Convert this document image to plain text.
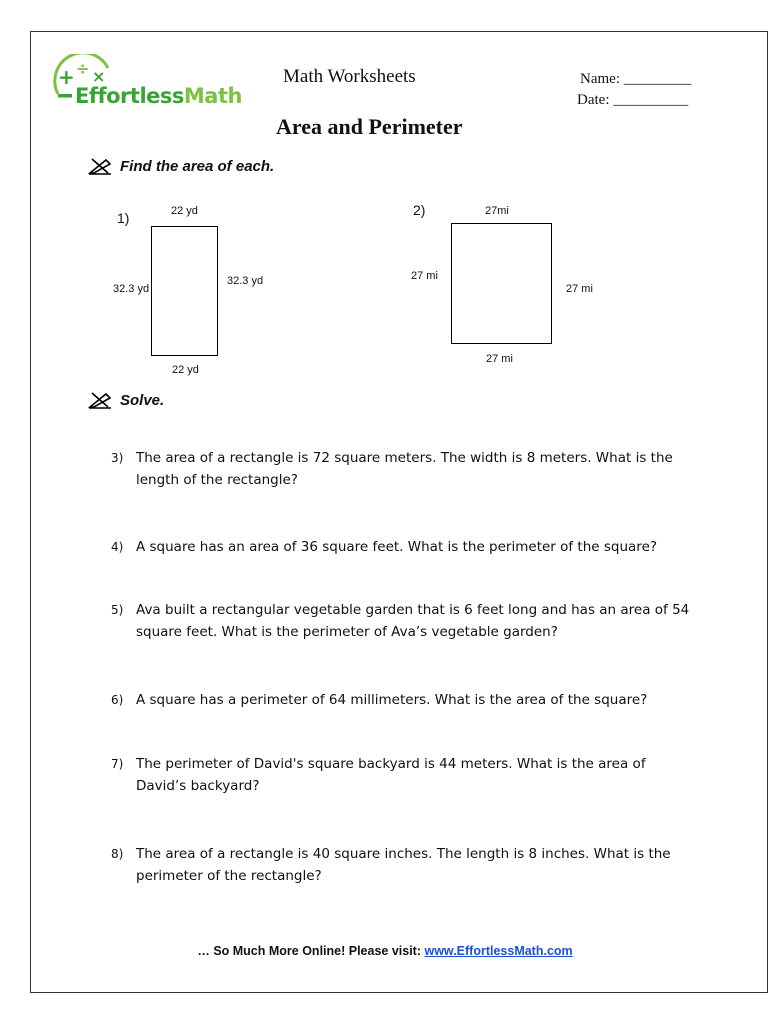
+ ÷ ×
EffortlessMath
Math Worksheets	Name: _________
Date: __________
Area and Perimeter
Find the area of each.
1)	22 yd
32.3 yd
32.3 yd
22 yd
2)	27mi
27 mi
27 mi
27 mi
Solve.
3) The area of a rectangle is 72 square meters. The width is 8 meters. What is the length of the rectangle?
4) A square has an area of 36 square feet. What is the perimeter of the square?
5) Ava built a rectangular vegetable garden that is 6 feet long and has an area of 54 square feet. What is the perimeter of Ava’s vegetable garden?
6) A square has a perimeter of 64 millimeters. What is the area of the square?
7) The perimeter of David's square backyard is 44 meters. What is the area of David’s backyard?
8) The area of a rectangle is 40 square inches. The length is 8 inches. What is the perimeter of the rectangle?
… So Much More Online! Please visit: www.EffortlessMath.com
